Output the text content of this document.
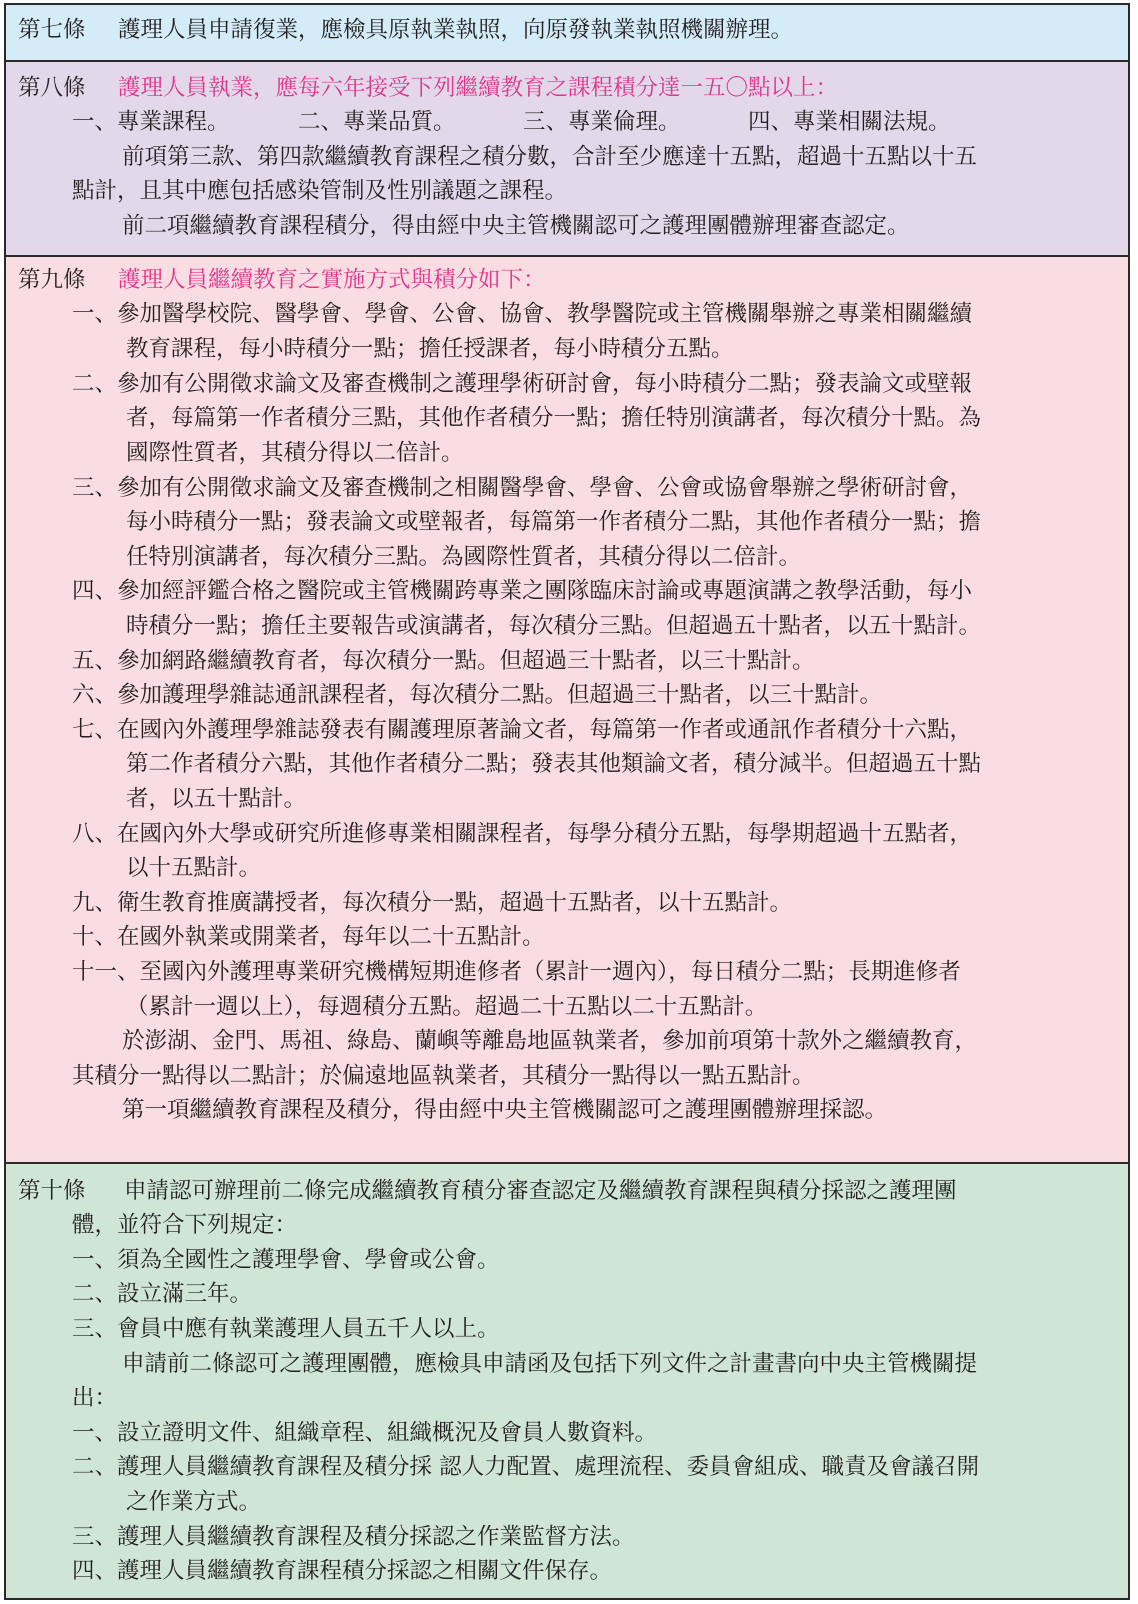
第七條 護理人員申請復業，應檢具原執業執照，向原發執業執照機關辦理。
第八條 護理人員執業，應每六年接受下列繼續教育之課程積分達一五〇點以上：
一、專業課程。	二、專業品質。	三、專業倫理。	四、專業相關法規。
前項第三款、第四款繼續教育課程之積分數，合計至少應達十五點，超過十五點以十五
點計，且其中應包括感染管制及性別議題之課程。
前二項繼續教育課程積分，得由經中央主管機關認可之護理團體辦理審查認定。
第九條 護理人員繼續教育之實施方式與積分如下：
一、參加醫學校院、醫學會、學會、公會、協會、教學醫院或主管機關舉辦之專業相關繼續
教育課程，每小時積分一點；擔任授課者，每小時積分五點。
二、參加有公開徵求論文及審查機制之護理學術研討會，每小時積分二點；發表論文或壁報
者，每篇第一作者積分三點，其他作者積分一點；擔任特別演講者，每次積分十點。為
國際性質者，其積分得以二倍計。
三、參加有公開徵求論文及審查機制之相關醫學會、學會、公會或協會舉辦之學術研討會，
每小時積分一點；發表論文或壁報者，每篇第一作者積分二點，其他作者積分一點；擔
任特別演講者，每次積分三點。為國際性質者，其積分得以二倍計。
四、參加經評鑑合格之醫院或主管機關跨專業之團隊臨床討論或專題演講之教學活動，每小
時積分一點；擔任主要報告或演講者，每次積分三點。但超過五十點者，以五十點計。
五、參加網路繼續教育者，每次積分一點。但超過三十點者，以三十點計。
六、參加護理學雜誌通訊課程者，每次積分二點。但超過三十點者，以三十點計。
七、在國內外護理學雜誌發表有關護理原著論文者，每篇第一作者或通訊作者積分十六點，
第二作者積分六點，其他作者積分二點；發表其他類論文者，積分減半。但超過五十點
者，以五十點計。
八、在國內外大學或研究所進修專業相關課程者，每學分積分五點，每學期超過十五點者，
以十五點計。
九、衛生教育推廣講授者，每次積分一點，超過十五點者，以十五點計。
十、在國外執業或開業者，每年以二十五點計。
十一、至國內外護理專業研究機構短期進修者（累計一週內），每日積分二點；長期進修者
（累計一週以上），每週積分五點。超過二十五點以二十五點計。
於澎湖、金門、馬祖、綠島、蘭嶼等離島地區執業者，參加前項第十款外之繼續教育，
其積分一點得以二點計；於偏遠地區執業者，其積分一點得以一點五點計。
第一項繼續教育課程及積分，得由經中央主管機關認可之護理團體辦理採認。
第十條 申請認可辦理前二條完成繼續教育積分審查認定及繼續教育課程與積分採認之護理團
體，並符合下列規定：
一、須為全國性之護理學會、學會或公會。
二、設立滿三年。
三、會員中應有執業護理人員五千人以上。
申請前二條認可之護理團體，應檢具申請函及包括下列文件之計畫書向中央主管機關提
出：
一、設立證明文件、組織章程、組織概況及會員人數資料。
二、護理人員繼續教育課程及積分採 認人力配置、處理流程、委員會組成、職責及會議召開
之作業方式。
三、護理人員繼續教育課程及積分採認之作業監督方法。
四、護理人員繼續教育課程積分採認之相關文件保存。
